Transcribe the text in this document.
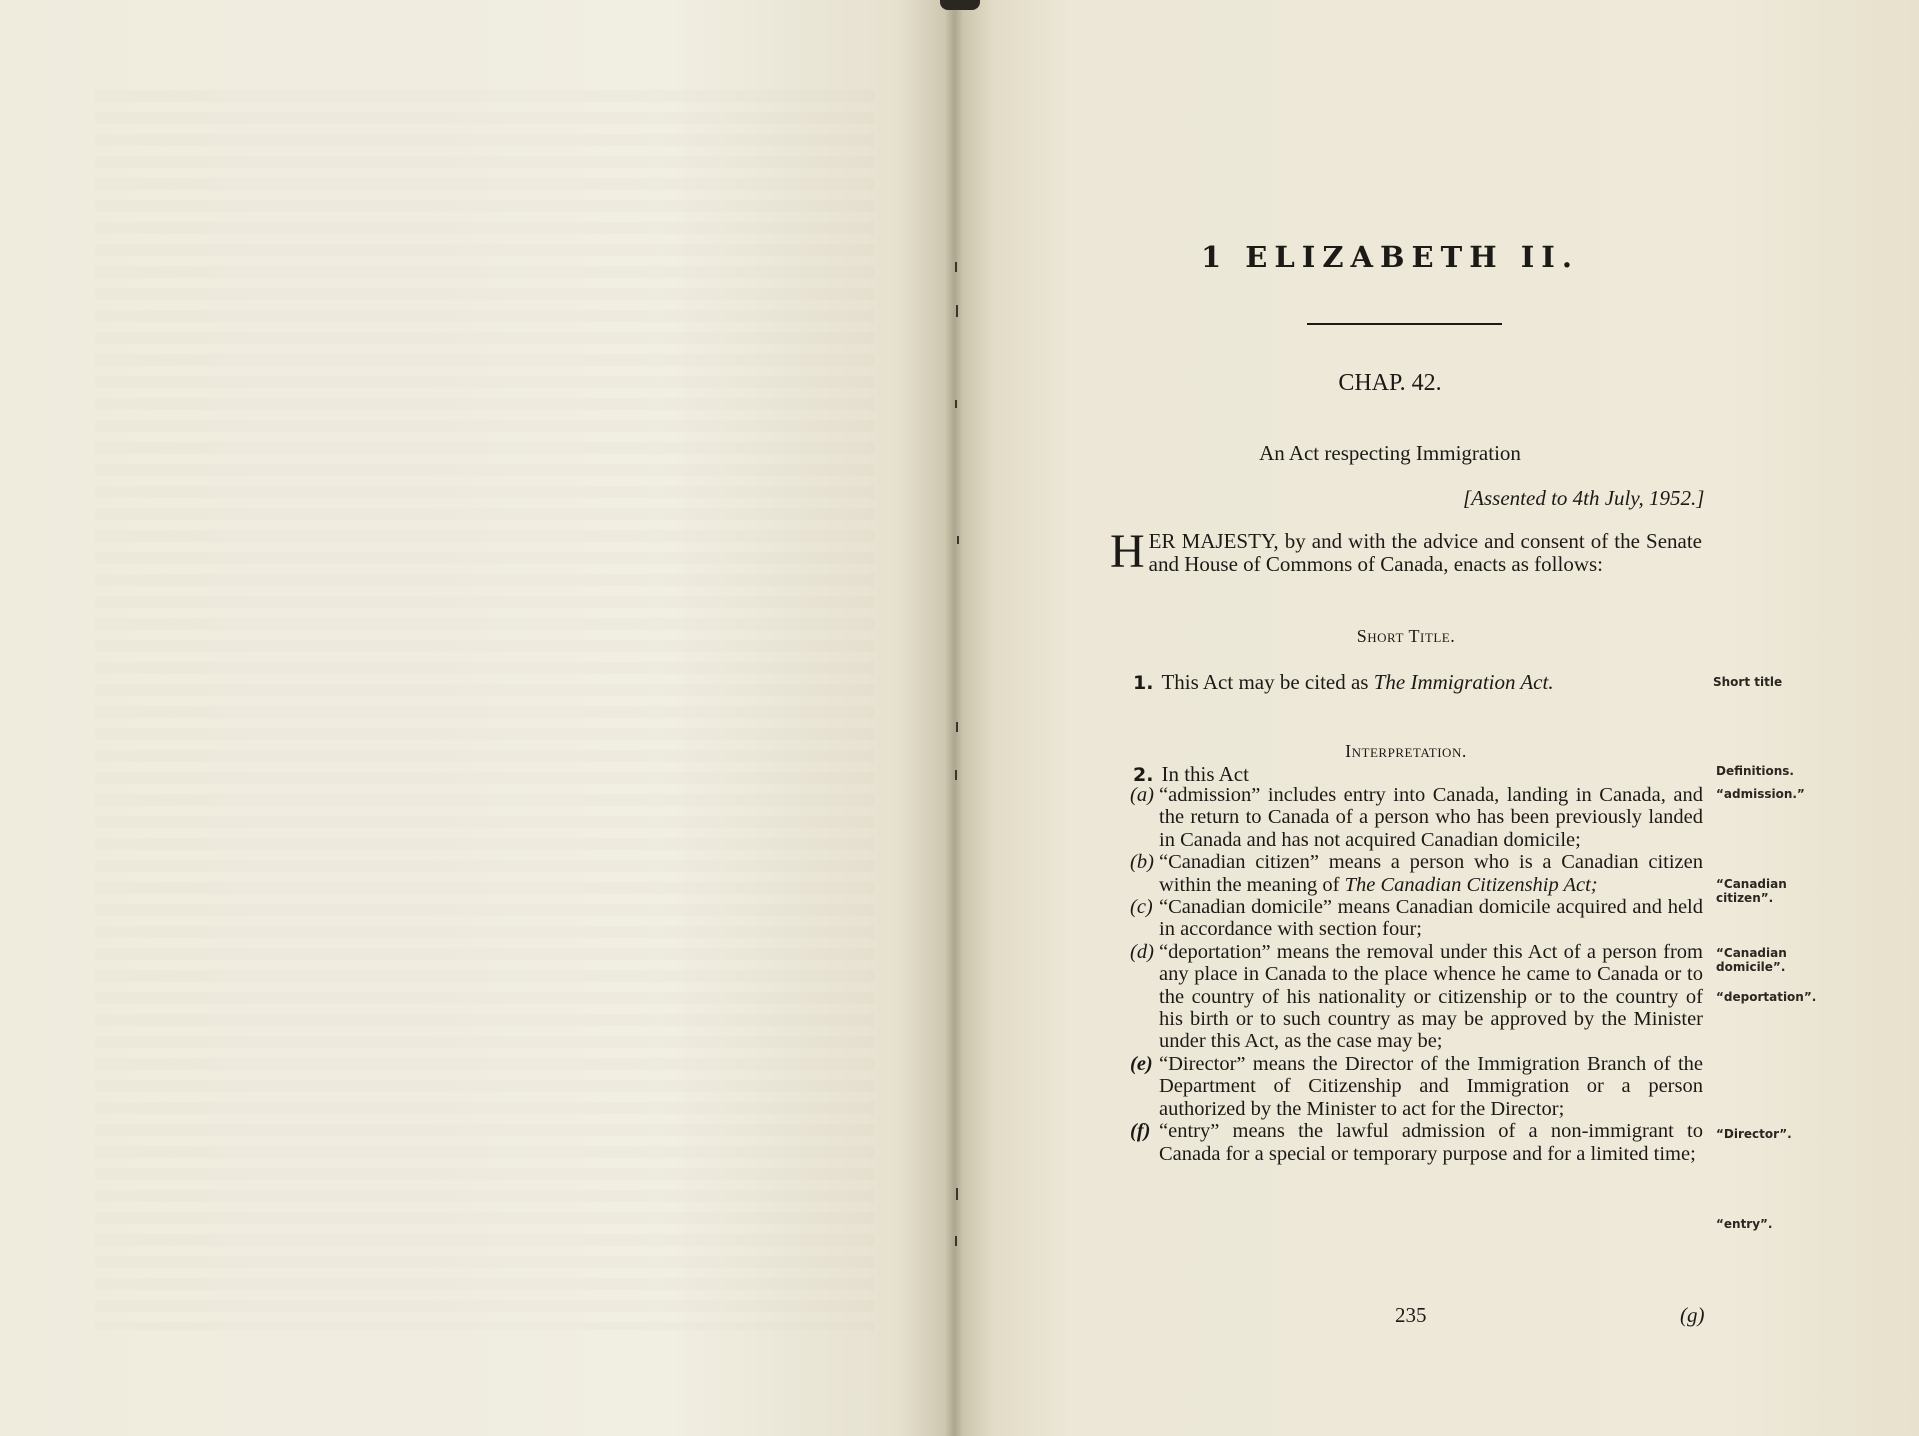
1 ELIZABETH II.
CHAP. 42.
An Act respecting Immigration
[Assented to 4th July, 1952.]
HER MAJESTY, by and with the advice and consent of the Senate and House of Commons of Canada, enacts as follows:
Short Title.
1. This Act may be cited as The Immigration Act.	Short title
Interpretation.
2. In this Act	Definitions.
(a) “admission” includes entry into Canada, landing in Canada, and the return to Canada of a person who has been previously landed in Canada and has not acquired Canadian domicile;
(b) “Canadian citizen” means a person who is a Canadian citizen within the meaning of The Canadian Citizenship Act;
(c) “Canadian domicile” means Canadian domicile acquired and held in accordance with section four;
(d) “deportation” means the removal under this Act of a person from any place in Canada to the place whence he came to Canada or to the country of his nationality or citizenship or to the country of his birth or to such country as may be approved by the Minister under this Act, as the case may be;
(e) “Director” means the Director of the Immigration Branch of the Department of Citizenship and Immigration or a person authorized by the Minister to act for the Director;
(f) “entry” means the lawful admission of a non-immigrant to Canada for a special or temporary purpose and for a limited time;
“admission.”
“Canadian citizen”.
“Canadian domicile”.
“deportation”.
“Director”.
“entry”.
235	(g)
